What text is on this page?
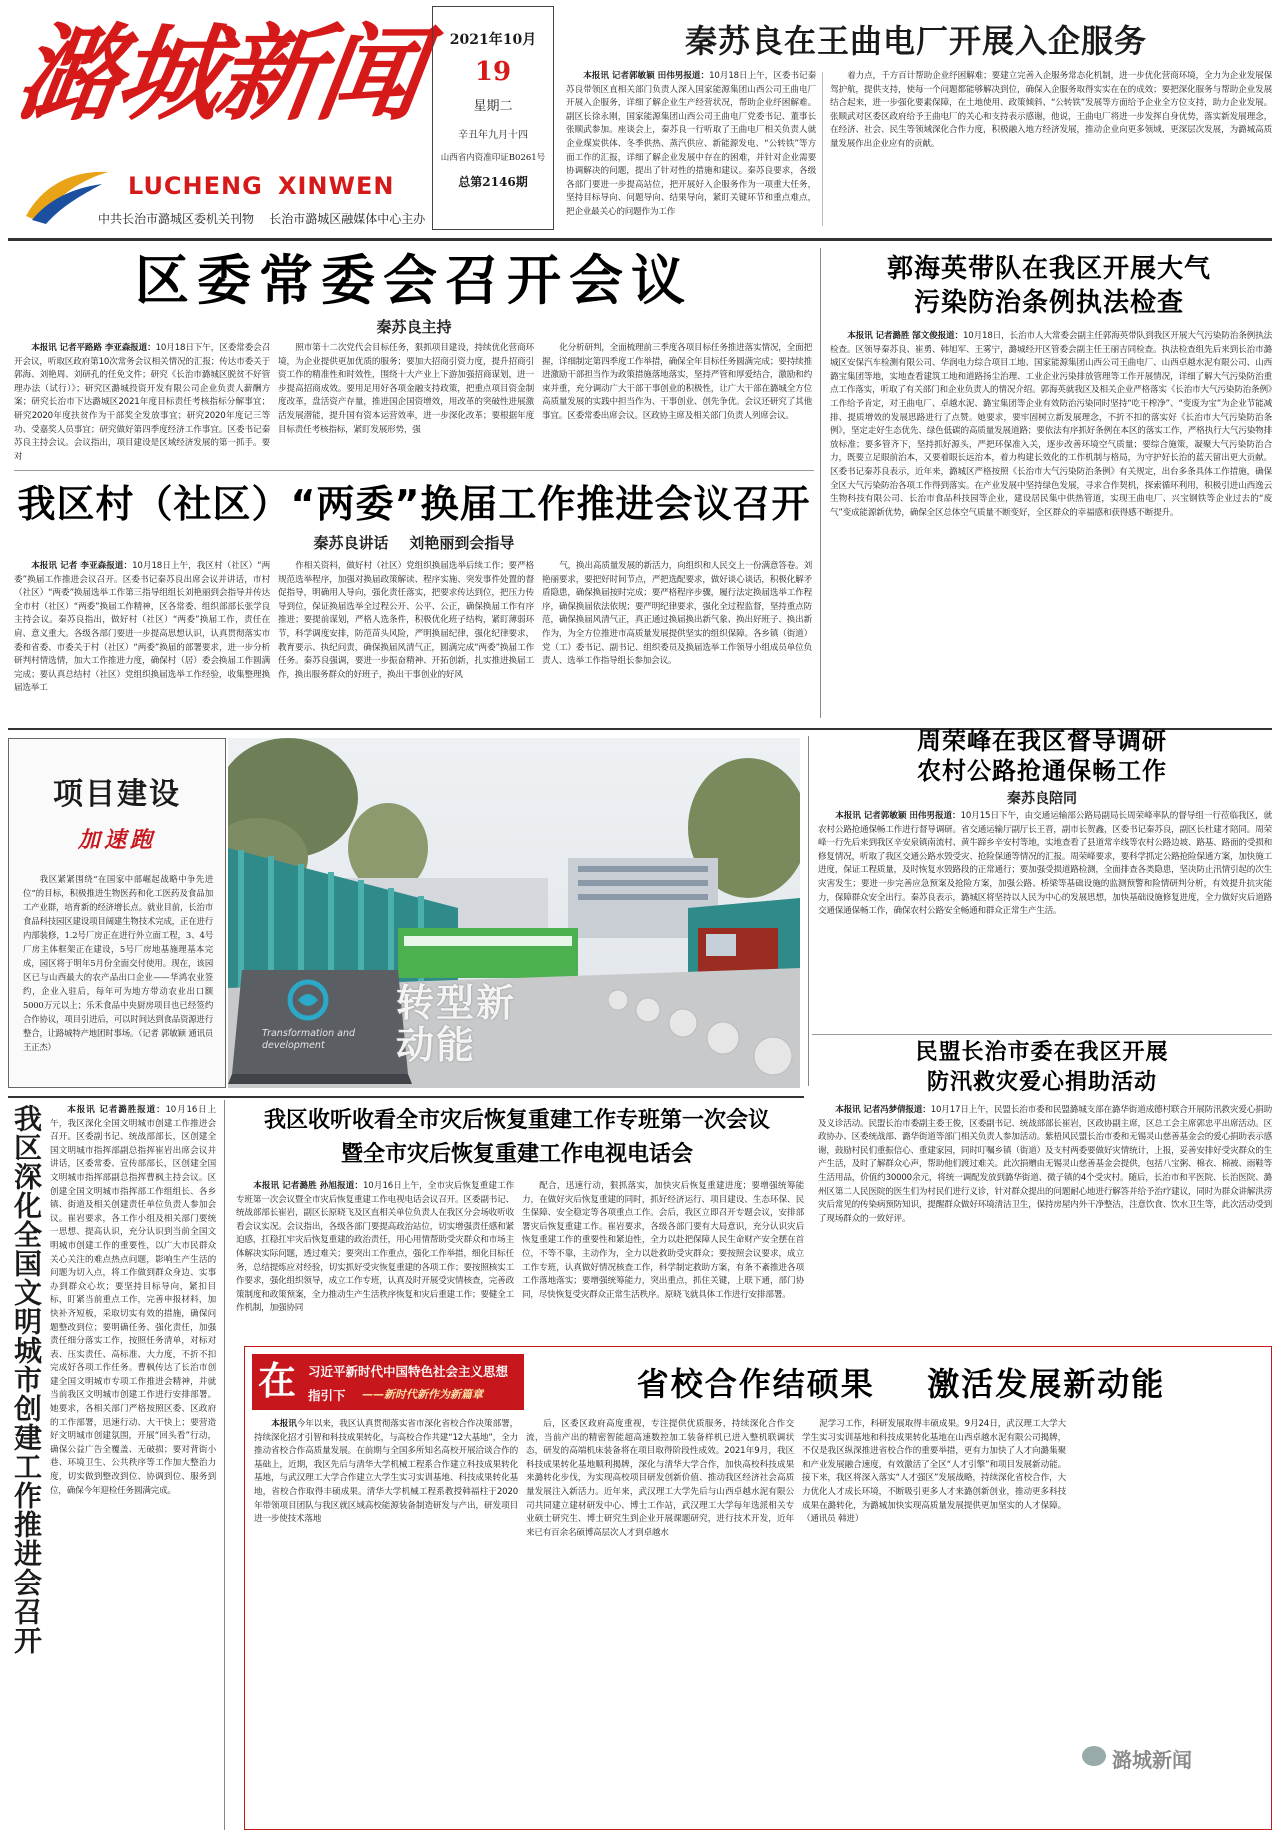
潞城新闻
LUCHENG XINWEN
中共长治市潞城区委机关刊物    长治市潞城区融媒体中心主办
2021年10月
19
星期二
辛丑年九月十四
山西省内资准印证B0261号
总第2146期
秦苏良在王曲电厂开展入企服务

本报讯 记者郭敏颖 田伟男报道：10月18日上午，区委书记秦苏良带领区直相关部门负责人深入国家能源集团山西公司王曲电厂开展入企服务，详细了解企业生产经营状况，帮助企业纾困解难。副区长徐永刚，国家能源集团山西公司王曲电厂党委书记、董事长张顺武参加。座谈会上，秦苏良一行听取了王曲电厂相关负责人就企业煤炭供体、冬季供热、蒸汽供应、新能源发电、“公转铁”等方面工作的汇报，详细了解企业发展中存在的困难，并针对企业需要协调解决的问题，提出了针对性的措施和建议。秦苏良要求，各级各部门要进一步提高站位，把开展好入企服务作为一项重大任务，坚持目标导向、问题导向、结果导向，紧盯关键环节和重点难点，把企业最关心的问题作为工作

着力点，千方百计帮助企业纾困解难；要建立完善入企服务常态化机制，进一步优化营商环境，全力为企业发展保驾护航，提供支持，使每一个问题都能够解决到位，确保入企服务取得实实在在的成效；要把深化服务与帮助企业发展结合起来，进一步强化要素保障，在土地使用、政策倾斜、“公转铁”发展等方面给予企业全方位支持，助力企业发展。张顺武对区委区政府给予王曲电厂的关心和支持表示感谢，他说，王曲电厂将进一步发挥自身优势，落实新发展理念，在经济、社会、民生等领域深化合作力度，积极融入地方经济发展，推动企业向更多领域、更深层次发展，为潞城高质量发展作出企业应有的贡献。

区委常委会召开会议
秦苏良主持

本报讯 记者平路路 李亚森报道：10月18日下午，区委常委会召开会议，听取区政府第10次常务会议相关情况的汇报；传达市委关于郭海、刘艳周、刘研孔的任免文件；研究《长治市潞城区脱贫不好管理办法（试行）》；研究区潞城投资开发有限公司企业负责人薪酬方案；研究长治市下达潞城区2021年度目标责任考核指标分解事宜；研究2020年度扶贫作为干部奖全发放事宜；研究2020年度记三等功、受嘉奖人员事宜；研究做好第四季度经济工作事宜。区委书记秦苏良主持会议。会议指出，项目建设是区域经济发展的第一抓手。要对

照市第十二次党代会目标任务，狠抓项目建设，持续优化营商环境，为企业提供更加优质的服务；要加大招商引资力度，提升招商引资工作的精准性和时效性，围绕十大产业上下游加强招商谋划，进一步提高招商成效。要用足用好各项金融支持政策，把重点项目资金制度改革，盘活资产存量，推进国企国资增效，用改革的突破性进展激活发展潜能，提升国有资本运营效率，进一步深化改革；要根据年度目标责任考核指标，紧盯发展形势，强

化分析研判，全面梳理前三季度各项目标任务推进落实情况，全面把握，详细制定第四季度工作举措，确保全年目标任务圆满完成；要持续推进激励干部担当作为政策措施落地落实，坚持严管和厚爱结合，激励和约束并重，充分调动广大干部干事创业的积极性，让广大干部在潞城全方位高质量发展的实践中担当作为、干事创业、创先争优。会议还研究了其他事宜。区委常委出席会议。区政协主席及相关部门负责人列席会议。

郭海英带队在我区开展大气
污染防治条例执法检查

本报讯 记者潞胜 郜文俊报道：10月18日，长治市人大常委会副主任郭海英带队到我区开展大气污染防治条例执法检查。区领导秦苏良、崔勇、韩旭军、王雾宁，潞城经开区管委会副主任王丽吉同检查。执法检查组先后来到长治市潞城区安保汽车检测有限公司、华润电力综合项目工地、国家能源集团山西公司王曲电厂、山西卓越水泥有限公司、山西潞宝集团等地，实地查看建筑工地和道路扬尘治理、工业企业污染排放管理等工作开展情况，详细了解大气污染防治重点工作落实，听取了有关部门和企业负责人的情况介绍。郭海英就我区及相关企业严格落实《长治市大气污染防治条例》工作给予肯定，对王曲电厂、卓越水泥、潞宝集团等企业有效防治污染同时坚持“吃干榨净”、“变废为宝”为企业节能减排、提质增效的发展思路进行了点赞。她要求，要牢固树立新发展理念，不折不扣的落实好《长治市大气污染防治条例》，坚定走好生态优先、绿色低碳的高质量发展道路；要依法有序抓好条例在本区的落实工作，严格执行大气污染物排放标准；要多管齐下，坚持抓好源头，严把环保准入关，逐步改善环境空气质量；要综合施策，凝聚大气污染防治合力，既要立足眼前治本，又要着眼长远治本，着力构建长效化的工作机制与格局，为守护好长治的蓝天留出更大贡献。区委书记秦苏良表示，近年来，潞城区严格按照《长治市大气污染防治条例》有关规定，出台多条具体工作措施，确保全区大气污染防治各项工作得到落实。在产业发展中坚持绿色发展，寻求合作契机，探索循环利用，积极引进山西逸云生物科技有限公司、长治市食品科技园等企业，建设居民集中供热管道，实现王曲电厂、兴宝钢铁等企业过去的“废气”变成能源新优势，确保全区总体空气质量不断变好，全区群众的幸福感和获得感不断提升。

我区村（社区）“两委”换届工作推进会议召开
秦苏良讲话    刘艳丽到会指导

本报讯 记者 李亚森报道：10月18日上午，我区村（社区）“两委”换届工作推进会议召开。区委书记秦苏良出席会议并讲话，市村（社区）“两委”换届选举工作第三指导组组长刘艳丽到会指导并传达全市村（社区）“两委”换届工作精神，区各常委、组织部部长张学良主持会议。秦苏良指出，做好村（社区）“两委”换届工作，责任在肩、意义重大。各级各部门要进一步提高思想认识，认真贯彻落实市委和省委、市委关于村（社区）“两委”换届的部署要求，进一步分析研判村情选情，加大工作推进力度，确保村（居）委会换届工作圆满完成；要认真总结村（社区）党组织换届选举工作经验，收集整理换届选举工

作相关资料，做好村（社区）党组织换届选举后续工作；要严格规范选举程序，加强对换届政策解读、程序实施、突发事件处置的督促指导，明确用人导向，强化责任落实，把要求传达到位，把压力传导到位，保证换届选举全过程公开、公平、公正，确保换届工作有序推进；要提前谋划，严格人选条件，积极优化班子结构，紧盯薄弱环节，科学调度安排，防范苗头风险，严明换届纪律，强化纪律要求，教育要示、执纪问责，确保换届风清气正，圆满完成“两委”换届工作任务。秦苏良强调，要进一步振奋精神、开拓创新，扎实推进换届工作，换出服务群众的好班子，换出干事创业的好风

气，换出高质量发展的新活力，向组织和人民交上一份满意答卷。刘艳丽要求，要把好时间节点，严把选配要求，做好谈心谈话，积极化解矛盾隐患，确保换届按时完成；要严格程序步骤，履行法定换届选举工作程序，确保换届依法依规；要严明纪律要求，强化全过程监督，坚持重点防范，确保换届风清气正，真正通过换届换出新气象、换出好班子、换出新作为，为全方位推进市高质量发展提供坚实的组织保障。各乡镇（街道）党（工）委书记、副书记、组织委员及换届选举工作领导小组成员单位负责人、选举工作指导组长参加会议。

项目建设
加速跑

我区紧紧围绕“在国家中部崛起战略中争先进位”的目标，积极推进生物医药和化工医药及食品加工产业群，培育新的经济增长点。就业目前，长治市食品科技园区建设项目阔建生物技术完成，正在进行内部装修，1.2号厂房正在进行外立面工程，3、4号厂房主体框架正在建设，5号厂房地基施理基本完成，园区将于明年5月份全面交付使用。现在，该园区已与山西最大的农产品出口企业——华鸿农业签约，企业入驻后，每年可为地方带动农业出口额5000万元以上；乐禾食品中央厨房项目也已经签约合作协议，项目引进后，可以时间达到食品资源进行整合，让路城特产地团时事场。（记者 郭敏颖 通讯员 王正杰）

转型新动能
Transformation and development
周荣峰在我区督导调研
农村公路抢通保畅工作
秦苏良陪同

本报讯 记者郭敏颖 田伟男报道：10月15日下午，由交通运输部公路局副局长周荣峰率队的督导组一行莅临我区，就农村公路抢通保畅工作进行督导调研。省交通运输厅副厅长王晋，副市长贺鑫，区委书记秦苏良，副区长杜建才陪同。周荣峰一行先后来到我区辛安泉镇南流村、黄牛蹄乡辛安村等地，实地查看了县道常辛线等农村公路边坡、路基、路面的受损和修复情况，听取了我区交通公路水毁受灾、抢险保通等情况的汇报。周荣峰要求，要科学抓定公路抢险保通方案，加快施工进度，保证工程质量，及时恢复水毁路段的正常通行；要加强受损道路检测，全面排查各类隐患，坚决防止汛情引起的次生灾害发生；要进一步完善应急预案及抢险方案，加强公路、桥梁等基础设施的监测预警和险情研判分析，有效提升抗灾能力，保障群众安全出行。秦苏良表示，潞城区将坚持以人民为中心的发展思想，加快基础设施修复进度，全力做好灾后道路交通保通保畅工作，确保农村公路安全畅通和群众正常生产生活。

民盟长治市委在我区开展
防汛救灾爱心捐助活动

本报讯 记者冯梦倩报道：10月17日上午，民盟长治市委和民盟潞城支部在潞华街道成德村联合开展防汛救灾爱心捐助及义诊活动。民盟长治市委副主委王俊，区委副书记、统战部部长崔岩，区政协副主席，区总工会主席郭忠平出席活动。区政协办、区委统战部、潞华街道等部门相关负责人参加活动。紫梧风民盟长治市委和无锡灵山慈善基金会的爱心捐助表示感谢，鼓励村民们重振信心、重建家园，同时叮嘱乡镇（街道）及支村两委要做好灾情统计，上报，妥善安排好受灾群众的生产生活，及时了解群众心声，帮助他们渡过难关。此次捐赠由无锡灵山慈善基金会提供，包括八宝粥、棉衣、棉被、雨鞋等生活用品，价值约30000余元，将统一调配发放到潞华街道、微子镇的4个受灾村。随后，长治市和平医院、长治医院、潞州区第二人民医院的医生们为村民们进行义诊，针对群众提出的问题耐心地进行解答并给予治疗建议，同时为群众讲解洪涝灾后常见的传染病预防知识，提醒群众做好环境清洁卫生，保持房屋内外干净整洁，注意饮食、饮水卫生等，此次活动受到了现场群众的一致好评。

我区深化全国文明城市创建工作推进会召开	本报讯 记者潞胜报道：10月16日上午，我区深化全国文明城市创建工作推进会召开。区委副书记、统战部部长，区创建全国文明城市指挥部副总指挥崔岩出席会议并讲话，区委常委、宣传部部长，区创建全国文明城市指挥部副总指挥曹枫主持会议。区创建全国文明城市指挥部工作组组长、各乡镇、街道及相关创建责任单位负责人参加会议。崔岩要求，各工作小组及相关部门要统一思想、提高认识，充分认识到当前全国文明城市创建工作的重要性，以广大市民群众关心关注的难点热点问题，影响生产生活的问题为切入点，将工作做到群众身边、实事办到群众心坎；要坚持目标导向，紧扣目标，盯紧当前重点工作，完善申报材料，加快补齐短板，采取切实有效的措施，确保问题整改到位；要明确任务、强化责任，加强责任细分落实工作，按照任务清单，对标对表、压实责任、高标准、大力度，不折不扣完成好各项工作任务。曹枫传达了长治市创建全国文明城市专项工作推进会精神，并就当前我区文明城市创建工作进行安排部署。她要求，各相关部门严格按照区委、区政府的工作部署，迅速行动、大干快上；要营造好文明城市创建氛围，开展“回头看”行动，确保公益广告全覆盖、无破损；要对背街小巷、环境卫生、公共秩序等工作加大整治力度，切实做到整改到位、协调到位、服务到位，确保今年迎检任务圆满完成。

我区收听收看全市灾后恢复重建工作专班第一次会议
暨全市灾后恢复重建工作电视电话会

本报讯 记者潞胜 孙旭报道：10月16日上午，全市灾后恢复重建工作专班第一次会议暨全市灾后恢复重建工作电视电话会议召开。区委副书记、统战部部长崔岩，副区长原晓飞及区直相关单位负责人在我区分会场收听收看会议实况。会议指出，各级各部门要提高政治站位，切实增强责任感和紧迫感，扛稳扛牢灾后恢复重建的政治责任，用心用情帮助受灾群众和市场主体解决实际问题，透过难关；要突出工作重点，强化工作举措，细化目标任务，总结提炼应对经验，切实抓好受灾恢复重建的各项工作；要按照核实工作要求，强化组织领导，成立工作专班，认真及时开展受灾情核查，完善政策制度和政策预案，全力推动生产生活秩序恢复和灾后重建工作；要健全工作机制，加强协同

配合，迅速行动，狠抓落实，加快灾后恢复重建进度；要增强统筹能力，在做好灾后恢复重建的同时，抓好经济运行、项目建设、生态环保、民生保障、安全稳定等各项重点工作。会后，我区立即召开专题会议，安排部署灾后恢复重建工作。崔岩要求，各级各部门要有大局意识，充分认识灾后恢复重建工作的重要性和紧迫性，全力以赴把保障人民生命财产安全摆在首位，不等不靠，主动作为，全力以赴救助受灾群众；要按照会议要求，成立工作专班，认真做好情况核查工作，科学制定救助方案，有条不紊推进各项工作落地落实；要增强统筹能力，突出重点，抓住关键，上联下通，部门协同，尽快恢复受灾群众正常生活秩序。原晓飞就具体工作进行安排部署。

在 习近平新时代中国特色社会主义思想
指引下 ——新时代新作为新篇章	省校合作结硕果    激活发展新动能

本报讯今年以来，我区认真贯彻落实省市深化省校合作决策部署，持续深化招才引智和科技成果转化，与高校合作共建“12大基地”，全力推动省校合作高质量发展。在前期与全国多所知名高校开展洽谈合作的基础上，近期，我区先后与清华大学机械工程系合作建立科技成果转化基地，与武汉理工大学合作建立大学生实习实训基地、科技成果转化基地，省校合作取得丰硕成果。清华大学机械工程系教授韩福柱于2020年带领项目团队与我区就区域高校能源装备制造研发与产出，研发项目进一步使技术落地

后，区委区政府高度重视，专注提供优质服务，持续深化合作交流，当前产出的精密智能超高速数控加工装备样机已进入整机联调状态，研发的高端机床装备将在项目取得阶段性成效。2021年9月，我区科技成果转化基地顺利揭牌，深化与清华大学合作，加快高校科技成果来潞转化步伐，为实现高校项目研发创新价值、推动我区经济社会高质量发展注入新活力。近年来，武汉理工大学先后与山西卓越水泥有限公司共同建立建材研发中心、博士工作站，武汉理工大学每年选派相关专业硕士研究生、博士研究生到企业开展课题研究，进行技术开发，近年来已有百余名硕博高层次人才到卓越水

泥学习工作，科研发展取得丰硕成果。9月24日，武汉理工大学大学生实习实训基地和科技成果转化基地在山西卓越水泥有限公司揭牌，不仅是我区纵深推进省校合作的重要举措，更有力加快了人才向潞集聚和产业发展融合速度，有效激活了全区“人才引擎”和项目发展新动能。接下来，我区将深入落实“人才强区”发展战略，持续深化省校合作，大力优化人才成长环境，不断吸引更多人才来潞创新创业，推动更多科技成果在潞转化，为潞城加快实现高质量发展提供更加坚实的人才保障。（通讯员 韩进）

潞城新闻
